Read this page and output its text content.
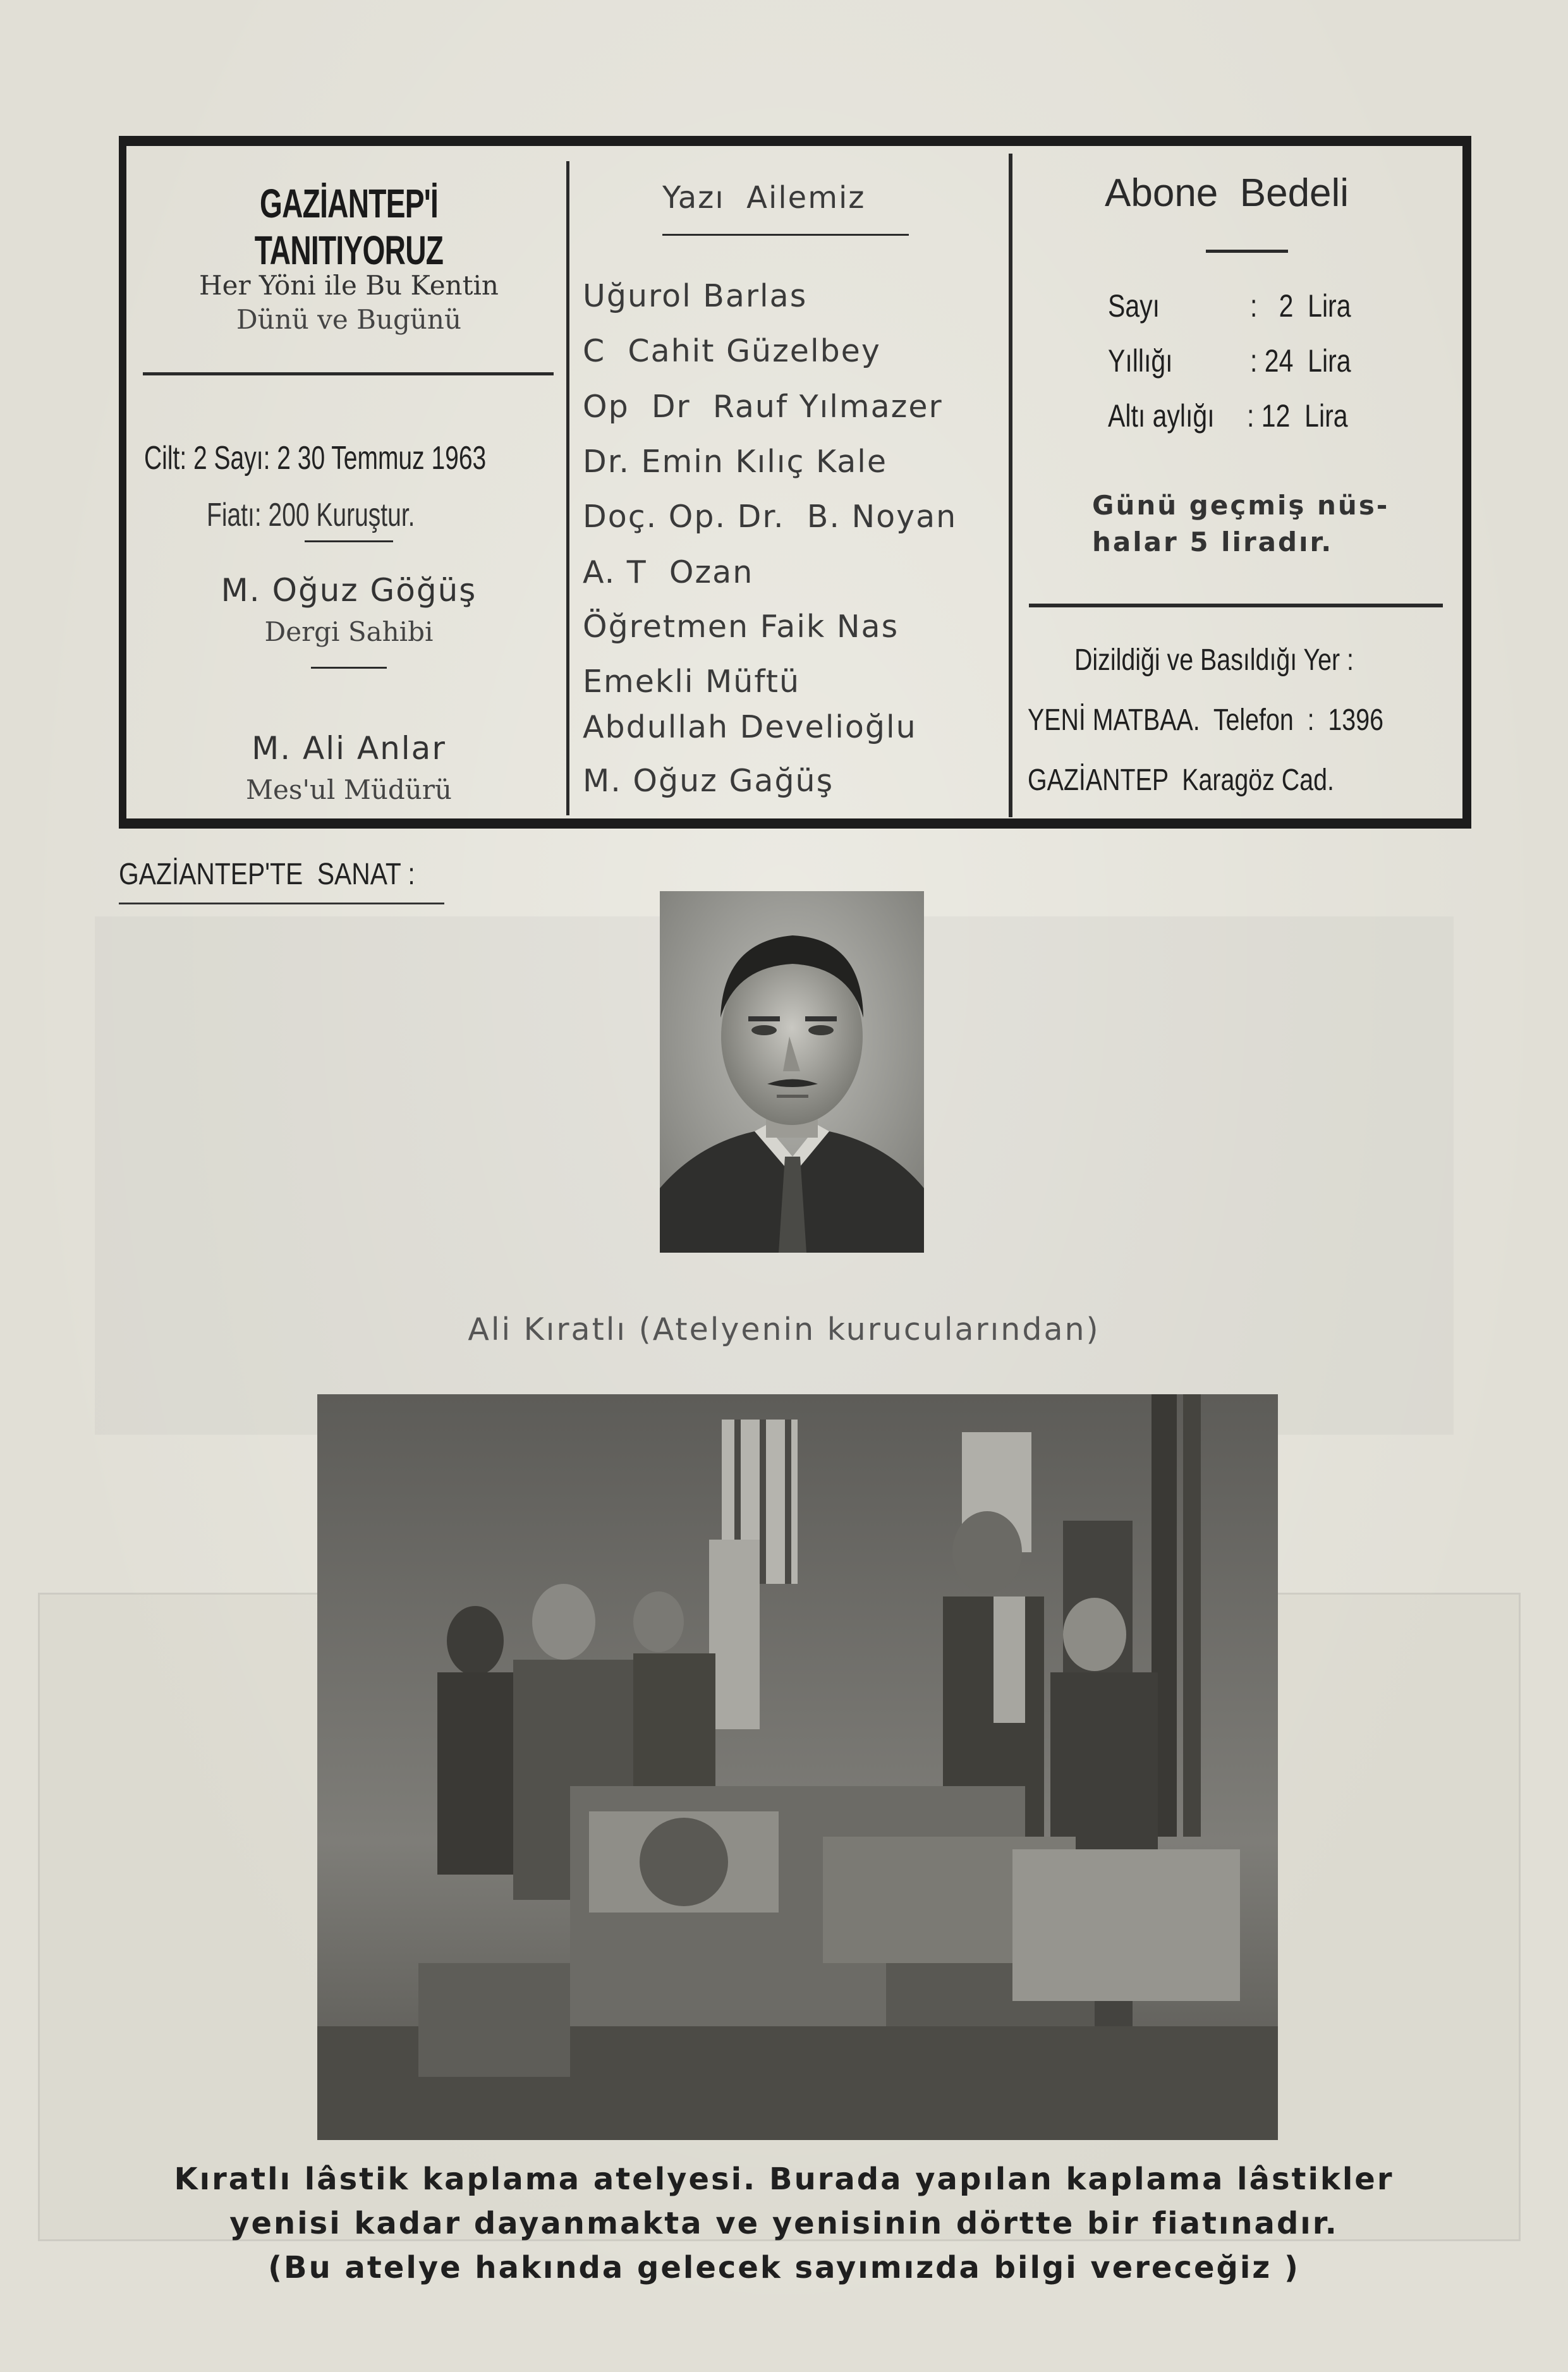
GAZİANTEP'İ TANITIYORUZ
Her Yöni ile Bu Kentin
Dünü ve Bugünü
Cilt: 2 Sayı: 2 30 Temmuz 1963
Fiatı: 200 Kuruştur.
M. Oğuz Göğüş
Dergi Sahibi
M. Ali Anlar
Mes'ul Müdürü
Yazı  Ailemiz
Uğurol Barlas
C  Cahit Güzelbey
Op  Dr  Rauf Yılmazer
Dr. Emin Kılıç Kale
Doç. Op. Dr.  B. Noyan
A. T  Ozan
Öğretmen Faik Nas
Emekli Müftü
Abdullah Develioğlu
M. Oğuz Gağüş
Abone  Bedeli
Sayı	:   2  Lira
Yıllığı : 24  Lira
Altı aylığı : 12  Lira
Günü geçmiş nüs-
halar 5 liradır.
Dizildiği ve Basıldığı Yer :
YENİ MATBAA.  Telefon  :  1396
GAZİANTEP  Karagöz Cad.
GAZİANTEP'TE  SANAT :
Ali Kıratlı (Atelyenin kurucularından)
Kıratlı lâstik kaplama atelyesi. Burada yapılan kaplama lâstikler
yenisi kadar dayanmakta ve yenisinin dörtte bir fiatınadır.
(Bu atelye hakında gelecek sayımızda bilgi vereceğiz )
